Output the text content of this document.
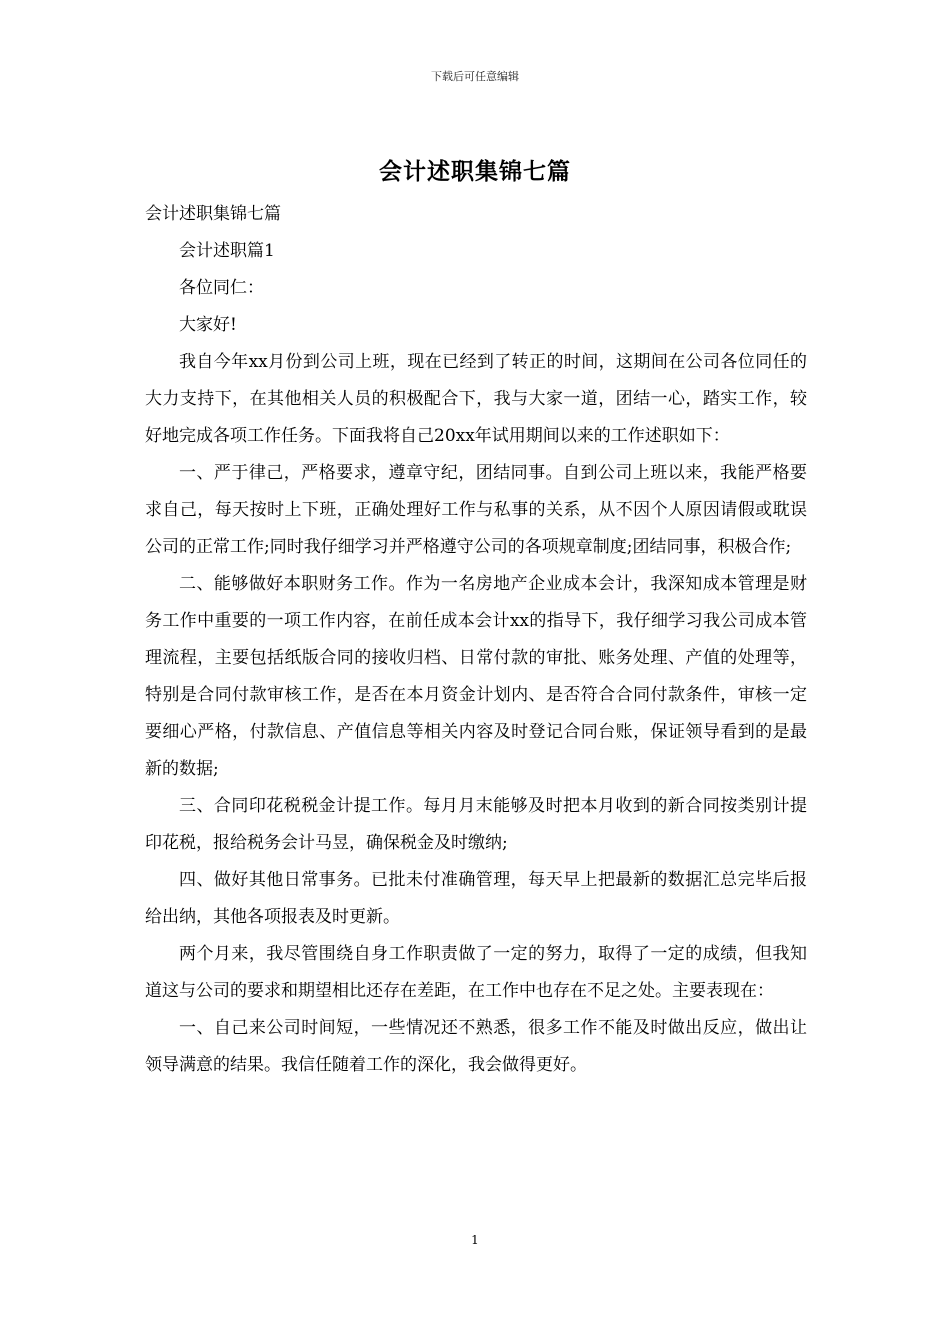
下载后可任意编辑
会计述职集锦七篇

会计述职集锦七篇

会计述职篇1

各位同仁：

大家好!

我自今年xx月份到公司上班，现在已经到了转正的时间，这期间在公司各位同任的大力支持下，在其他相关人员的积极配合下，我与大家一道，团结一心，踏实工作，较好地完成各项工作任务。下面我将自己20xx年试用期间以来的工作述职如下：

一、严于律己，严格要求，遵章守纪，团结同事。自到公司上班以来，我能严格要求自己，每天按时上下班，正确处理好工作与私事的关系，从不因个人原因请假或耽误公司的正常工作;同时我仔细学习并严格遵守公司的各项规章制度;团结同事，积极合作;

二、能够做好本职财务工作。作为一名房地产企业成本会计，我深知成本管理是财务工作中重要的一项工作内容，在前任成本会计xx的指导下，我仔细学习我公司成本管理流程，主要包括纸版合同的接收归档、日常付款的审批、账务处理、产值的处理等，特别是合同付款审核工作，是否在本月资金计划内、是否符合合同付款条件，审核一定要细心严格，付款信息、产值信息等相关内容及时登记合同台账，保证领导看到的是最新的数据;

三、合同印花税税金计提工作。每月月末能够及时把本月收到的新合同按类别计提印花税，报给税务会计马昱，确保税金及时缴纳;

四、做好其他日常事务。已批未付准确管理，每天早上把最新的数据汇总完毕后报给出纳，其他各项报表及时更新。

两个月来，我尽管围绕自身工作职责做了一定的努力，取得了一定的成绩，但我知道这与公司的要求和期望相比还存在差距，在工作中也存在不足之处。主要表现在：

一、自己来公司时间短，一些情况还不熟悉，很多工作不能及时做出反应，做出让领导满意的结果。我信任随着工作的深化，我会做得更好。

1
